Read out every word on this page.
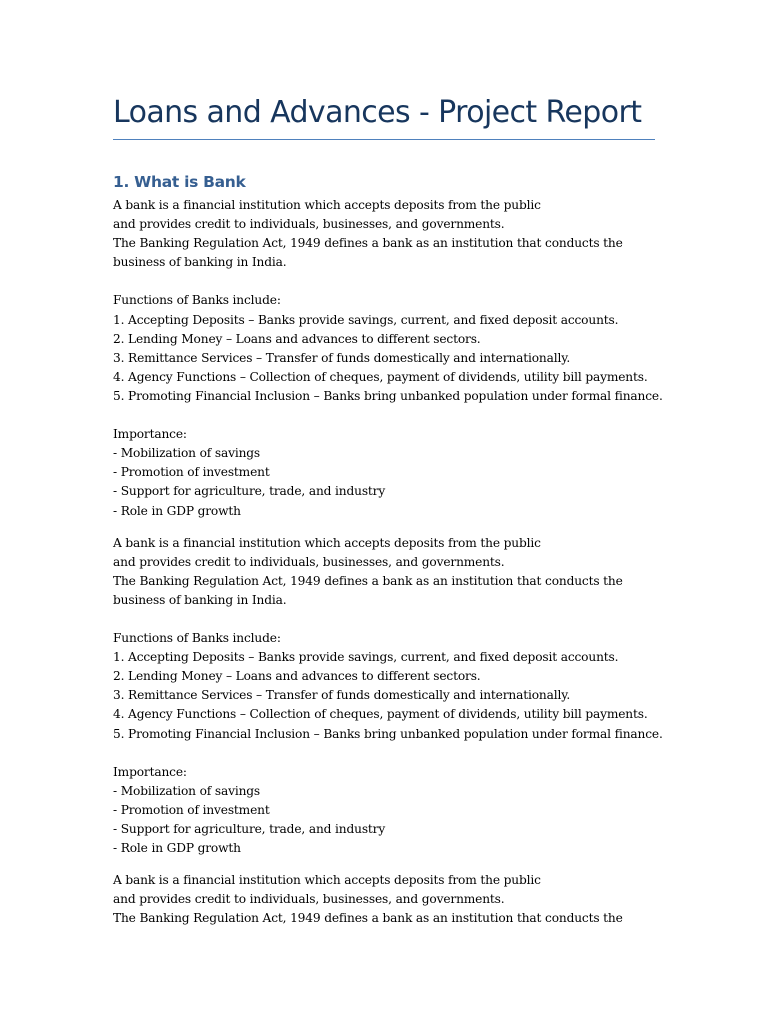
Loans and Advances - Project Report
1. What is Bank
A bank is a financial institution which accepts deposits from the public
and provides credit to individuals, businesses, and governments.
The Banking Regulation Act, 1949 defines a bank as an institution that conducts the
business of banking in India.
Functions of Banks include:
1. Accepting Deposits – Banks provide savings, current, and fixed deposit accounts.
2. Lending Money – Loans and advances to different sectors.
3. Remittance Services – Transfer of funds domestically and internationally.
4. Agency Functions – Collection of cheques, payment of dividends, utility bill payments.
5. Promoting Financial Inclusion – Banks bring unbanked population under formal finance.
Importance:
- Mobilization of savings
- Promotion of investment
- Support for agriculture, trade, and industry
- Role in GDP growth
A bank is a financial institution which accepts deposits from the public
and provides credit to individuals, businesses, and governments.
The Banking Regulation Act, 1949 defines a bank as an institution that conducts the
business of banking in India.
Functions of Banks include:
1. Accepting Deposits – Banks provide savings, current, and fixed deposit accounts.
2. Lending Money – Loans and advances to different sectors.
3. Remittance Services – Transfer of funds domestically and internationally.
4. Agency Functions – Collection of cheques, payment of dividends, utility bill payments.
5. Promoting Financial Inclusion – Banks bring unbanked population under formal finance.
Importance:
- Mobilization of savings
- Promotion of investment
- Support for agriculture, trade, and industry
- Role in GDP growth
A bank is a financial institution which accepts deposits from the public
and provides credit to individuals, businesses, and governments.
The Banking Regulation Act, 1949 defines a bank as an institution that conducts the
